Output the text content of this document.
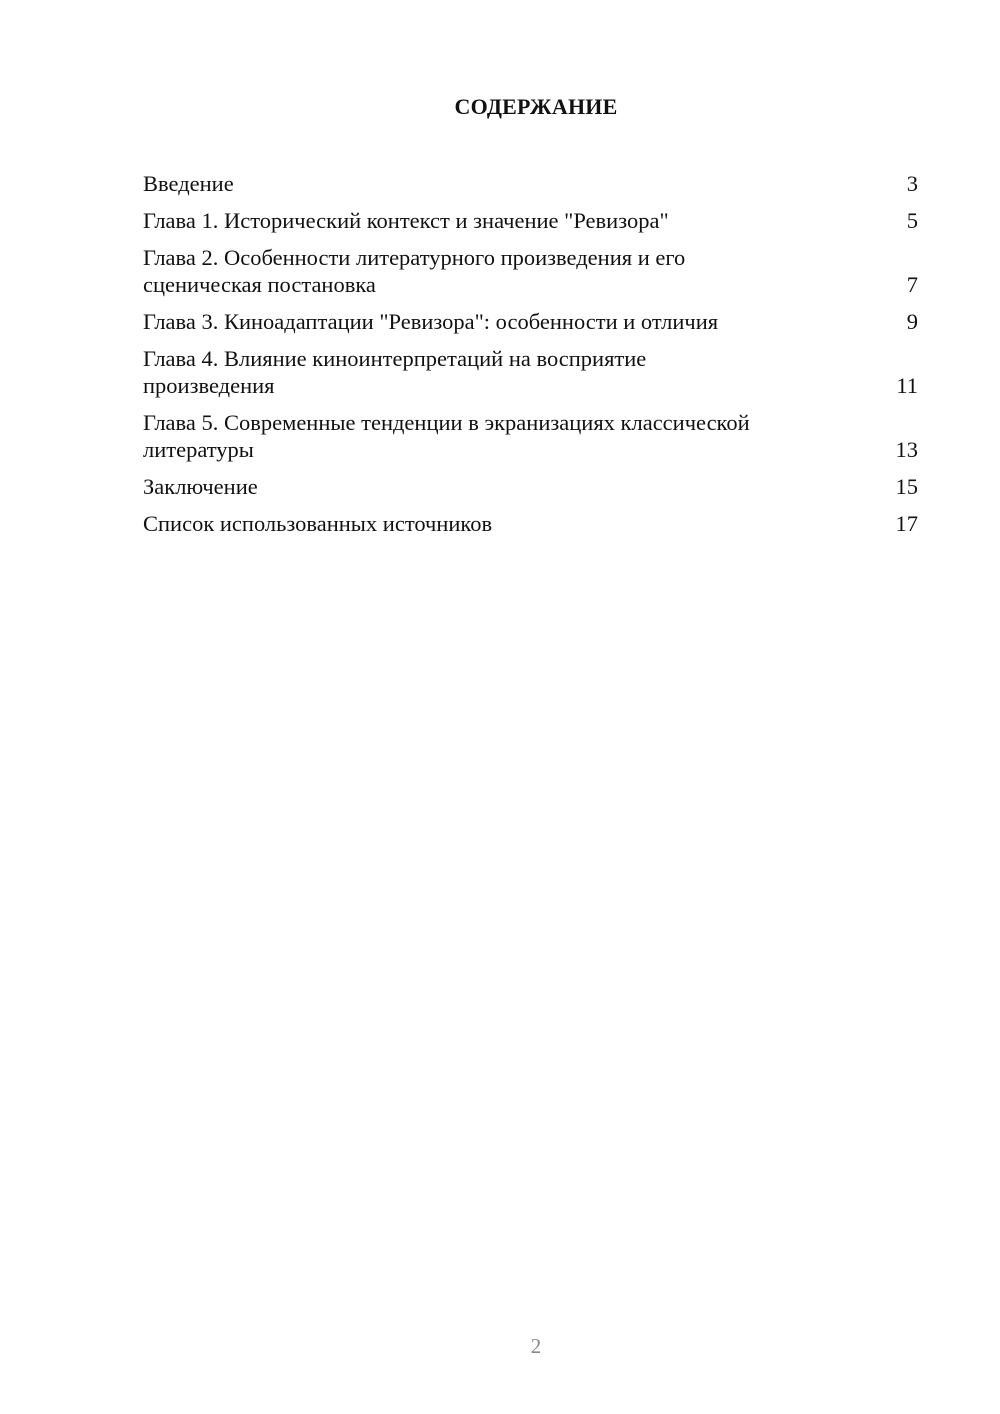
СОДЕРЖАНИЕ
Введение	3
Глава 1. Исторический контекст и значение "Ревизора"	5
Глава 2. Особенности литературного произведения и его
сценическая постановка	7
Глава 3. Киноадаптации "Ревизора": особенности и отличия	9
Глава 4. Влияние киноинтерпретаций на восприятие
произведения	11
Глава 5. Современные тенденции в экранизациях классической
литературы	13
Заключение	15
Список использованных источников	17
2
